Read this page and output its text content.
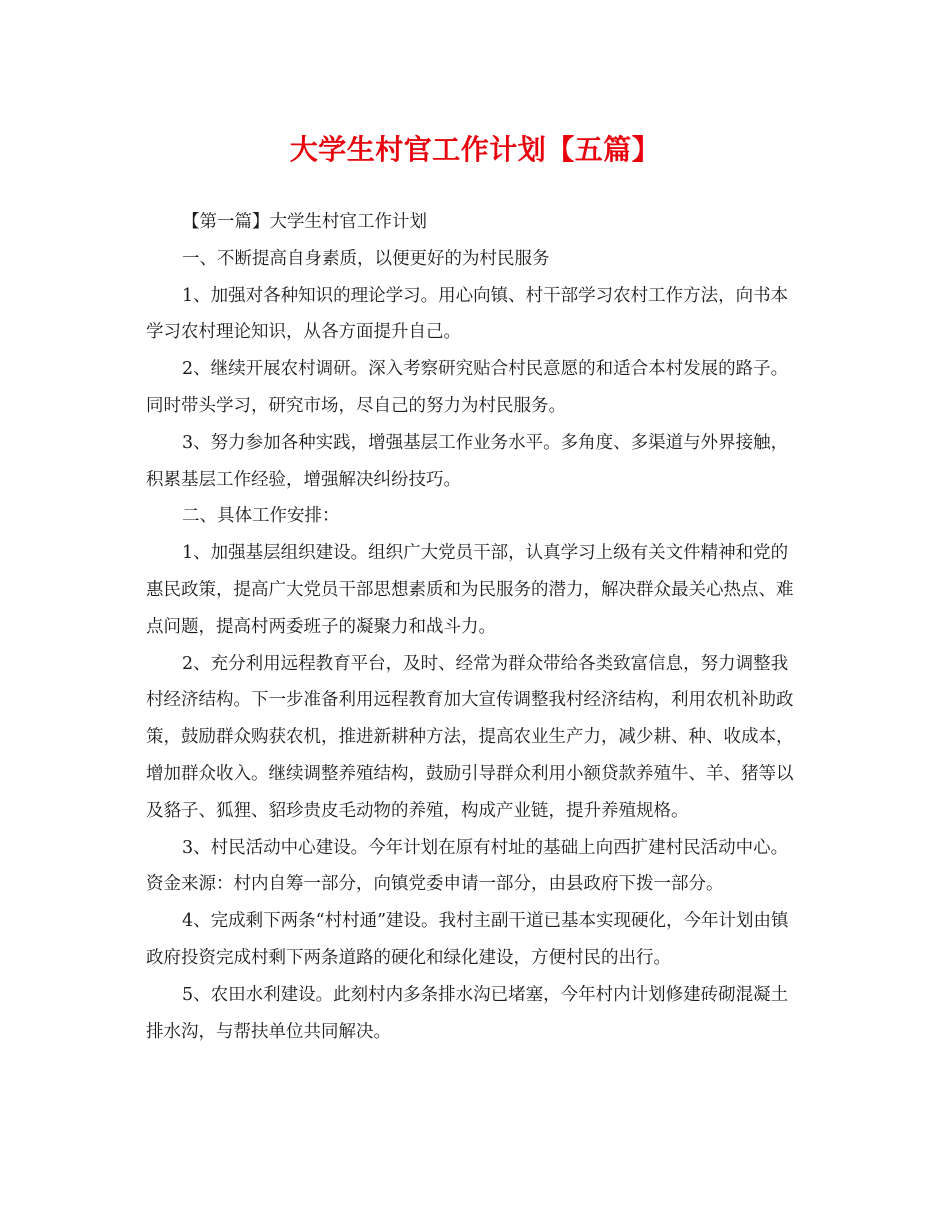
大学生村官工作计划【五篇】

【第一篇】大学生村官工作计划

一、不断提高自身素质，以便更好的为村民服务

1、加强对各种知识的理论学习。用心向镇、村干部学习农村工作方法，向书本学习农村理论知识，从各方面提升自己。

2、继续开展农村调研。深入考察研究贴合村民意愿的和适合本村发展的路子。同时带头学习，研究市场，尽自己的努力为村民服务。

3、努力参加各种实践，增强基层工作业务水平。多角度、多渠道与外界接触，积累基层工作经验，增强解决纠纷技巧。

二、具体工作安排：

1、加强基层组织建设。组织广大党员干部，认真学习上级有关文件精神和党的惠民政策，提高广大党员干部思想素质和为民服务的潜力，解决群众最关心热点、难点问题，提高村两委班子的凝聚力和战斗力。

2、充分利用远程教育平台，及时、经常为群众带给各类致富信息，努力调整我村经济结构。下一步准备利用远程教育加大宣传调整我村经济结构，利用农机补助政策，鼓励群众购获农机，推进新耕种方法，提高农业生产力，减少耕、种、收成本，增加群众收入。继续调整养殖结构，鼓励引导群众利用小额贷款养殖牛、羊、猪等以及貉子、狐狸、貂珍贵皮毛动物的养殖，构成产业链，提升养殖规格。

3、村民活动中心建设。今年计划在原有村址的基础上向西扩建村民活动中心。资金来源：村内自筹一部分，向镇党委申请一部分，由县政府下拨一部分。

4、完成剩下两条“村村通”建设。我村主副干道已基本实现硬化，今年计划由镇政府投资完成村剩下两条道路的硬化和绿化建设，方便村民的出行。

5、农田水利建设。此刻村内多条排水沟已堵塞，今年村内计划修建砖砌混凝土排水沟，与帮扶单位共同解决。
